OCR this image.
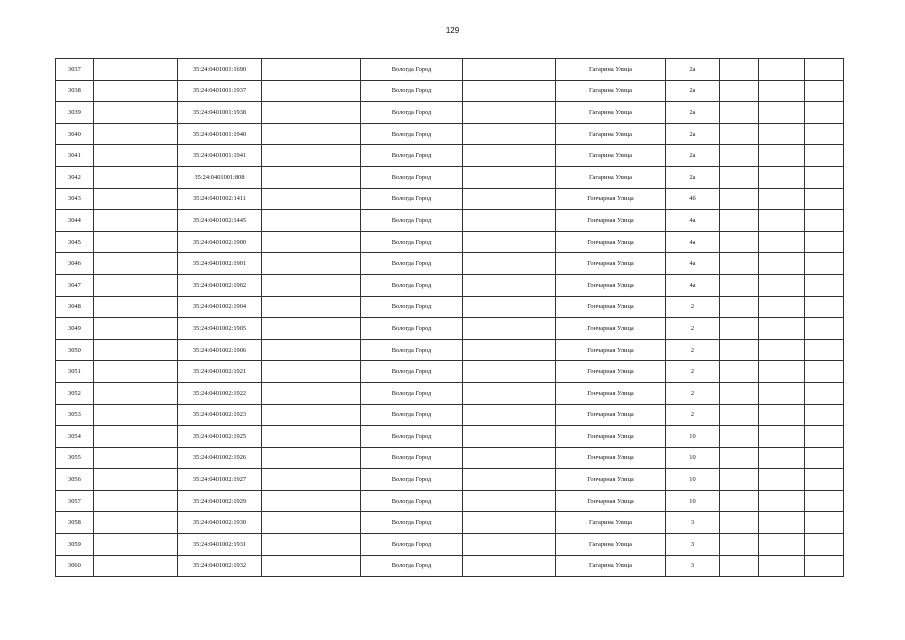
129
3037		35:24:0401001:1690		Вологда Город		Гагарина Улица	2а			
3038		35:24:0401001:1937		Вологда Город		Гагарина Улица	2а			
3039		35:24:0401001:1938		Вологда Город		Гагарина Улица	2а			
3040		35:24:0401001:1940		Вологда Город		Гагарина Улица	2а			
3041		35:24:0401001:1941		Вологда Город		Гагарина Улица	2а			
3042		35:24:0401001:808		Вологда Город		Гагарина Улица	2а			
3043		35:24:0401002:1411		Вологда Город		Гончарная Улица	4б			
3044		35:24:0401002:1445		Вологда Город		Гончарная Улица	4а			
3045		35:24:0401002:1900		Вологда Город		Гончарная Улица	4а			
3046		35:24:0401002:1901		Вологда Город		Гончарная Улица	4а			
3047		35:24:0401002:1902		Вологда Город		Гончарная Улица	4а			
3048		35:24:0401002:1904		Вологда Город		Гончарная Улица	2			
3049		35:24:0401002:1905		Вологда Город		Гончарная Улица	2			
3050		35:24:0401002:1906		Вологда Город		Гончарная Улица	2			
3051		35:24:0401002:1921		Вологда Город		Гончарная Улица	2			
3052		35:24:0401002:1922		Вологда Город		Гончарная Улица	2			
3053		35:24:0401002:1923		Вологда Город		Гончарная Улица	2			
3054		35:24:0401002:1925		Вологда Город		Гончарная Улица	10			
3055		35:24:0401002:1926		Вологда Город		Гончарная Улица	10			
3056		35:24:0401002:1927		Вологда Город		Гончарная Улица	10			
3057		35:24:0401002:1929		Вологда Город		Гончарная Улица	10			
3058		35:24:0401002:1930		Вологда Город		Гагарина Улица	3			
3059		35:24:0401002:1931		Вологда Город		Гагарина Улица	3			
3060		35:24:0401002:1932		Вологда Город		Гагарина Улица	3			
